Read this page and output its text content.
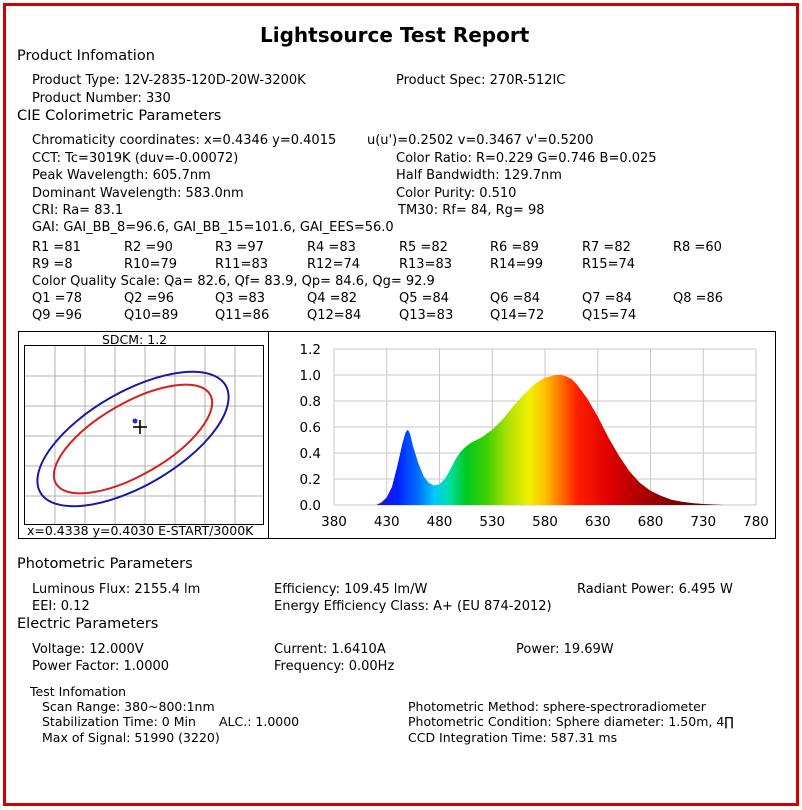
Lightsource Test Report
Product Infomation
Product Type: 12V-2835-120D-20W-3200K	Product Spec: 270R-512IC
Product Number: 330
CIE Colorimetric Parameters
Chromaticity coordinates: x=0.4346 y=0.4015 u(u')=0.2502 v=0.3467 v'=0.5200
CCT: Tc=3019K (duv=-0.00072)	Color Ratio: R=0.229 G=0.746 B=0.025
Peak Wavelength: 605.7nm	Half Bandwidth: 129.7nm
Dominant Wavelength: 583.0nm	Color Purity: 0.510
CRI: Ra= 83.1	TM30: Rf= 84, Rg= 98
GAI: GAI_BB_8=96.6, GAI_BB_15=101.6, GAI_EES=56.0
R1 =81	R2 =90	R3 =97	R4 =83	R5 =82	R6 =89	R7 =82	R8 =60
R9 =8	R10=79	R11=83	R12=74	R13=83	R14=99	R15=74
Color Quality Scale: Qa= 82.6, Qf= 83.9, Qp= 84.6, Qg= 92.9
Q1 =78	Q2 =96	Q3 =83	Q4 =82	Q5 =84	Q6 =84	Q7 =84	Q8 =86
Q9 =96	Q10=89	Q11=86	Q12=84	Q13=83	Q14=72	Q15=74
SDCM: 1.2
x=0.4338 y=0.4030 E-START/3000K
0.0
0.2
0.4
0.6
0.8
1.0
1.2
380 430 480 530 580 630 680 730 780
Photometric Parameters
Luminous Flux: 2155.4 lm	Efficiency: 109.45 lm/W	Radiant Power: 6.495 W
EEI: 0.12	Energy Efficiency Class: A+ (EU 874-2012)
Electric Parameters
Voltage: 12.000V	Current: 1.6410A	Power: 19.69W
Power Factor: 1.0000	Frequency: 0.00Hz
Test Infomation
Scan Range: 380~800:1nm
Stabilization Time: 0 Min ALC.: 1.0000
Max of Signal: 51990 (3220)
Photometric Method: sphere-spectroradiometer
Photometric Condition: Sphere diameter: 1.50m, 4∏
CCD Integration Time: 587.31 ms
